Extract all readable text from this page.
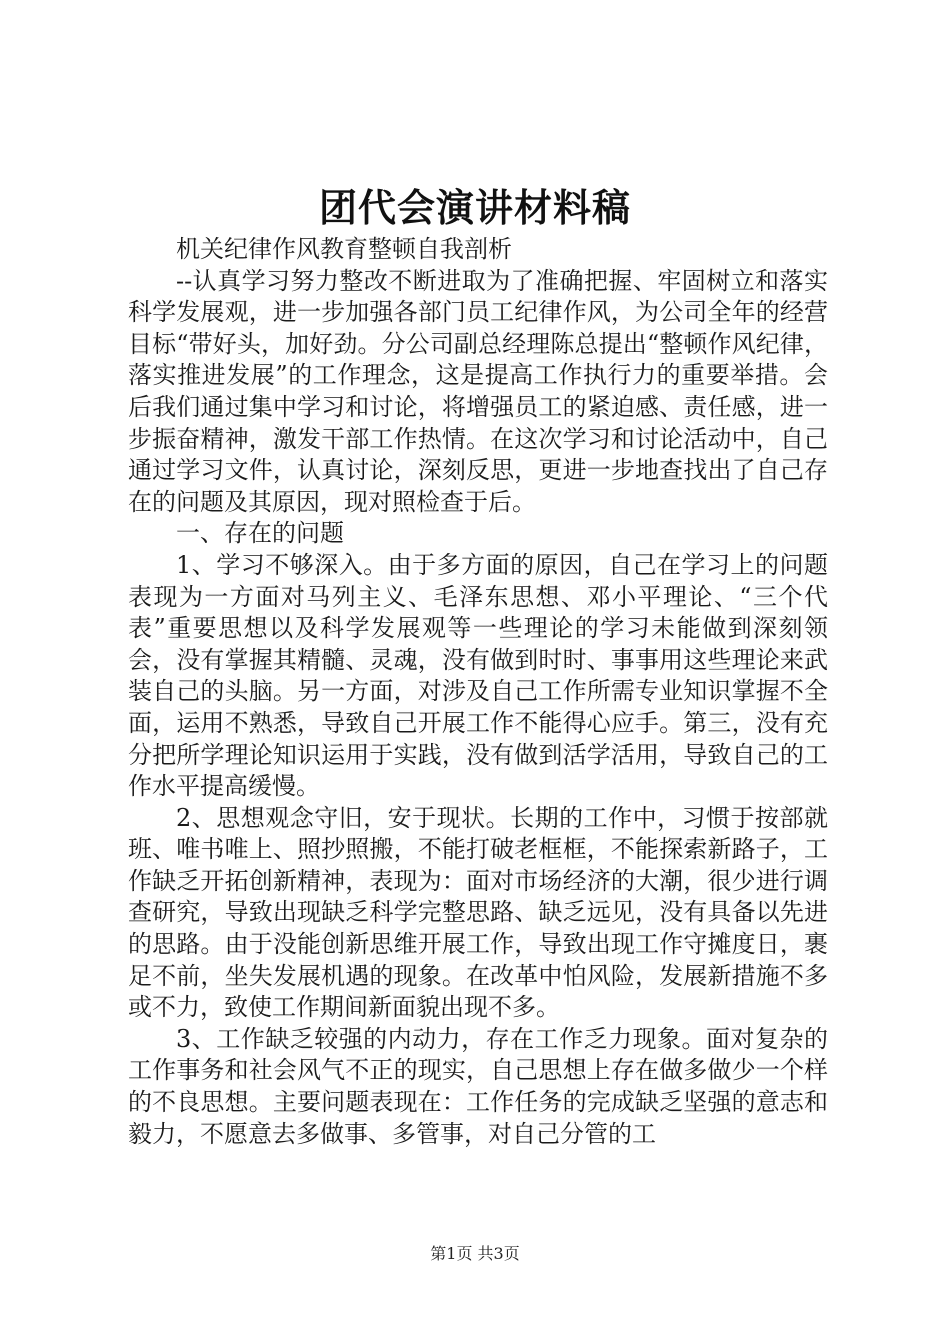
团代会演讲材料稿

机关纪律作风教育整顿自我剖析

--认真学习努力整改不断进取为了准确把握、牢固树立和落实科学发展观，进一步加强各部门员工纪律作风，为公司全年的经营目标“带好头，加好劲。分公司副总经理陈总提出“整顿作风纪律，落实推进发展”的工作理念，这是提高工作执行力的重要举措。会后我们通过集中学习和讨论，将增强员工的紧迫感、责任感，进一步振奋精神，激发干部工作热情。在这次学习和讨论活动中，自己通过学习文件，认真讨论，深刻反思，更进一步地查找出了自己存在的问题及其原因，现对照检查于后。

一、存在的问题

1、学习不够深入。由于多方面的原因，自己在学习上的问题表现为一方面对马列主义、毛泽东思想、邓小平理论、“三个代表”重要思想以及科学发展观等一些理论的学习未能做到深刻领会，没有掌握其精髓、灵魂，没有做到时时、事事用这些理论来武装自己的头脑。另一方面，对涉及自己工作所需专业知识掌握不全面，运用不熟悉，导致自己开展工作不能得心应手。第三，没有充分把所学理论知识运用于实践，没有做到活学活用，导致自己的工作水平提高缓慢。

2、思想观念守旧，安于现状。长期的工作中，习惯于按部就班、唯书唯上、照抄照搬，不能打破老框框，不能探索新路子，工作缺乏开拓创新精神，表现为：面对市场经济的大潮，很少进行调查研究，导致出现缺乏科学完整思路、缺乏远见，没有具备以先进的思路。由于没能创新思维开展工作，导致出现工作守摊度日，裹足不前，坐失发展机遇的现象。在改革中怕风险，发展新措施不多或不力，致使工作期间新面貌出现不多。

3、工作缺乏较强的内动力，存在工作乏力现象。面对复杂的工作事务和社会风气不正的现实，自己思想上存在做多做少一个样的不良思想。主要问题表现在：工作任务的完成缺乏坚强的意志和毅力，不愿意去多做事、多管事，对自己分管的工

第1页 共3页
